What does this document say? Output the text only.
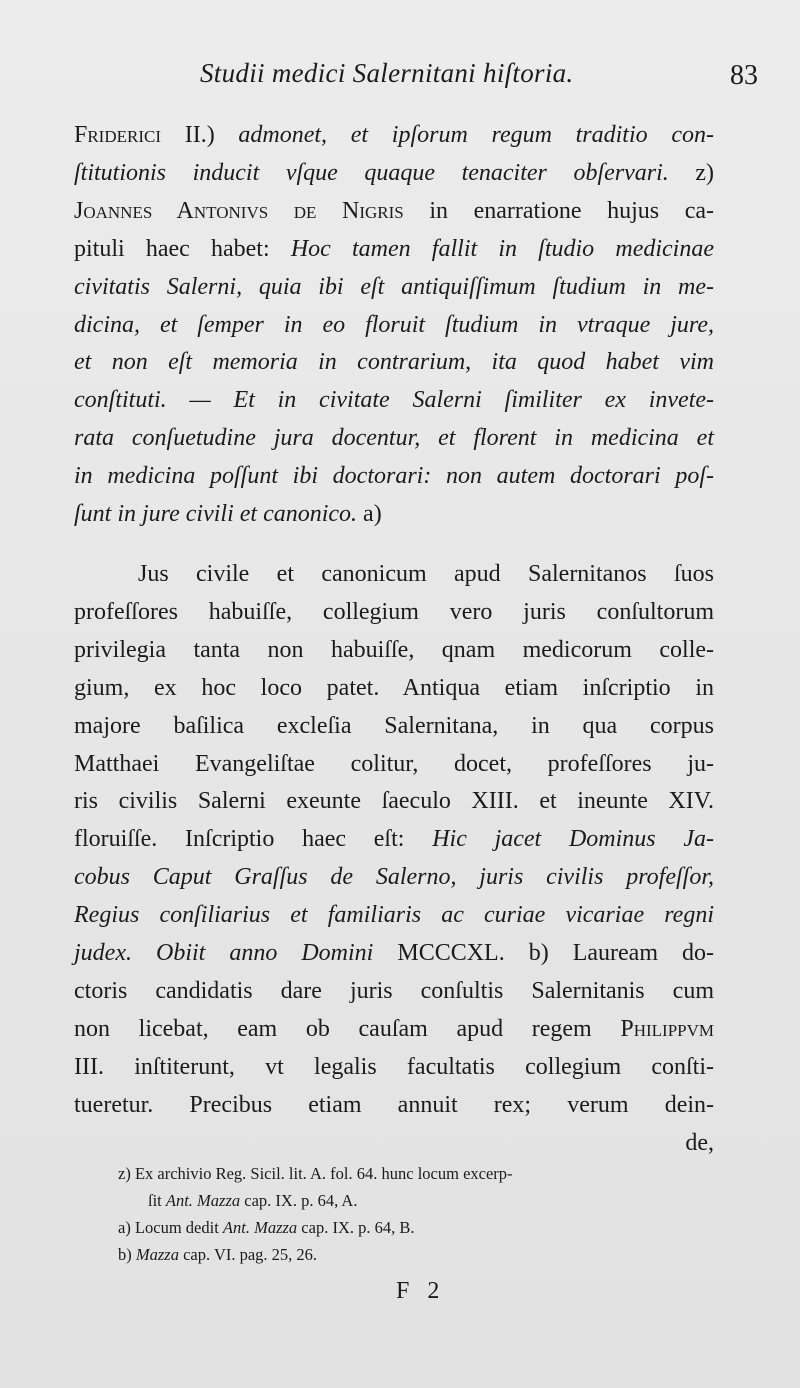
Studii medici Salernitani hiſtoria.	83
Friderici II.) admonet, et ipſorum regum traditio con-
ſtitutionis inducit vſque quaque tenaciter obſervari. z)
Joannes Antonivs de Nigris in enarratione hujus ca-
pituli haec habet: Hoc tamen fallit in ſtudio medicinae
civitatis Salerni, quia ibi eſt antiquiſſimum ſtudium in me-
dicina, et ſemper in eo floruit ſtudium in vtraque jure,
et non eſt memoria in contrarium, ita quod habet vim
conſtituti. — Et in civitate Salerni ſimiliter ex invete-
rata conſuetudine jura docentur, et florent in medicina et
in medicina poſſunt ibi doctorari: non autem doctorari poſ-
ſunt in jure civili et canonico. a)
Jus civile et canonicum apud Salernitanos ſuos
profeſſores habuiſſe, collegium vero juris conſultorum
privilegia tanta non habuiſſe, qnam medicorum colle-
gium, ex hoc loco patet. Antiqua etiam inſcriptio in
majore baſilica excleſia Salernitana, in qua corpus
Matthaei Evangeliſtae colitur, docet, profeſſores ju-
ris civilis Salerni exeunte ſaeculo XIII. et ineunte XIV.
floruiſſe. Inſcriptio haec eſt: Hic jacet Dominus Ja-
cobus Caput Graſſus de Salerno, juris civilis profeſſor,
Regius conſiliarius et familiaris ac curiae vicariae regni
judex. Obiit anno Domini MCCCXL. b) Lauream do-
ctoris candidatis dare juris conſultis Salernitanis cum
non licebat, eam ob cauſam apud regem Philippvm
III. inſtiterunt, vt legalis facultatis collegium conſti-
tueretur. Precibus etiam annuit rex; verum dein-
de,
z) Ex archivio Reg. Sicil. lit. A. fol. 64. hunc locum excerp-
ſit Ant. Mazza cap. IX. p. 64, A.
a) Locum dedit Ant. Mazza cap. IX. p. 64, B.
b) Mazza cap. VI. pag. 25, 26.
F 2
